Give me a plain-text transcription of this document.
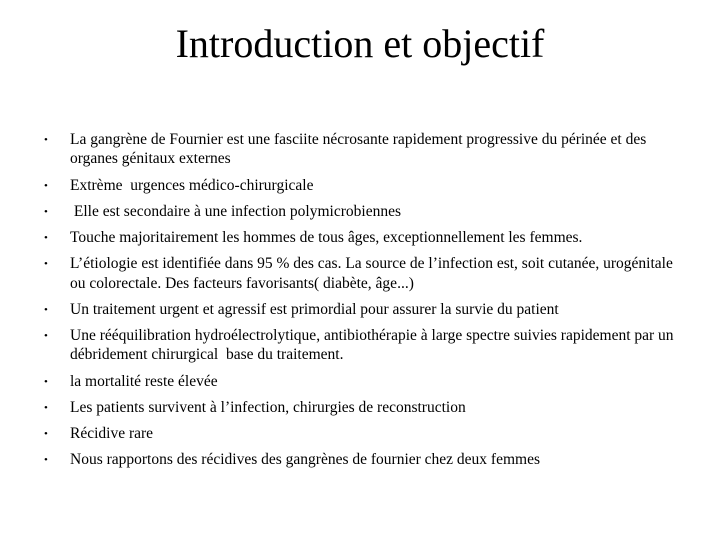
Introduction et objectif
• La gangrène de Fournier est une fasciite nécrosante rapidement progressive du périnée et des organes génitaux externes
• Extrème  urgences médico-chirurgicale
• Elle est secondaire à une infection polymicrobiennes
• Touche majoritairement les hommes de tous âges, exceptionnellement les femmes.
• L’étiologie est identifiée dans 95 % des cas. La source de l’infection est, soit cutanée, urogénitale ou colorectale. Des facteurs favorisants( diabète, âge...)
• Un traitement urgent et agressif est primordial pour assurer la survie du patient
• Une rééquilibration hydroélectrolytique, antibiothérapie à large spectre suivies rapidement par un débridement chirurgical  base du traitement.
• la mortalité reste élevée
• Les patients survivent à l’infection, chirurgies de reconstruction
• Récidive rare
• Nous rapportons des récidives des gangrènes de fournier chez deux femmes
